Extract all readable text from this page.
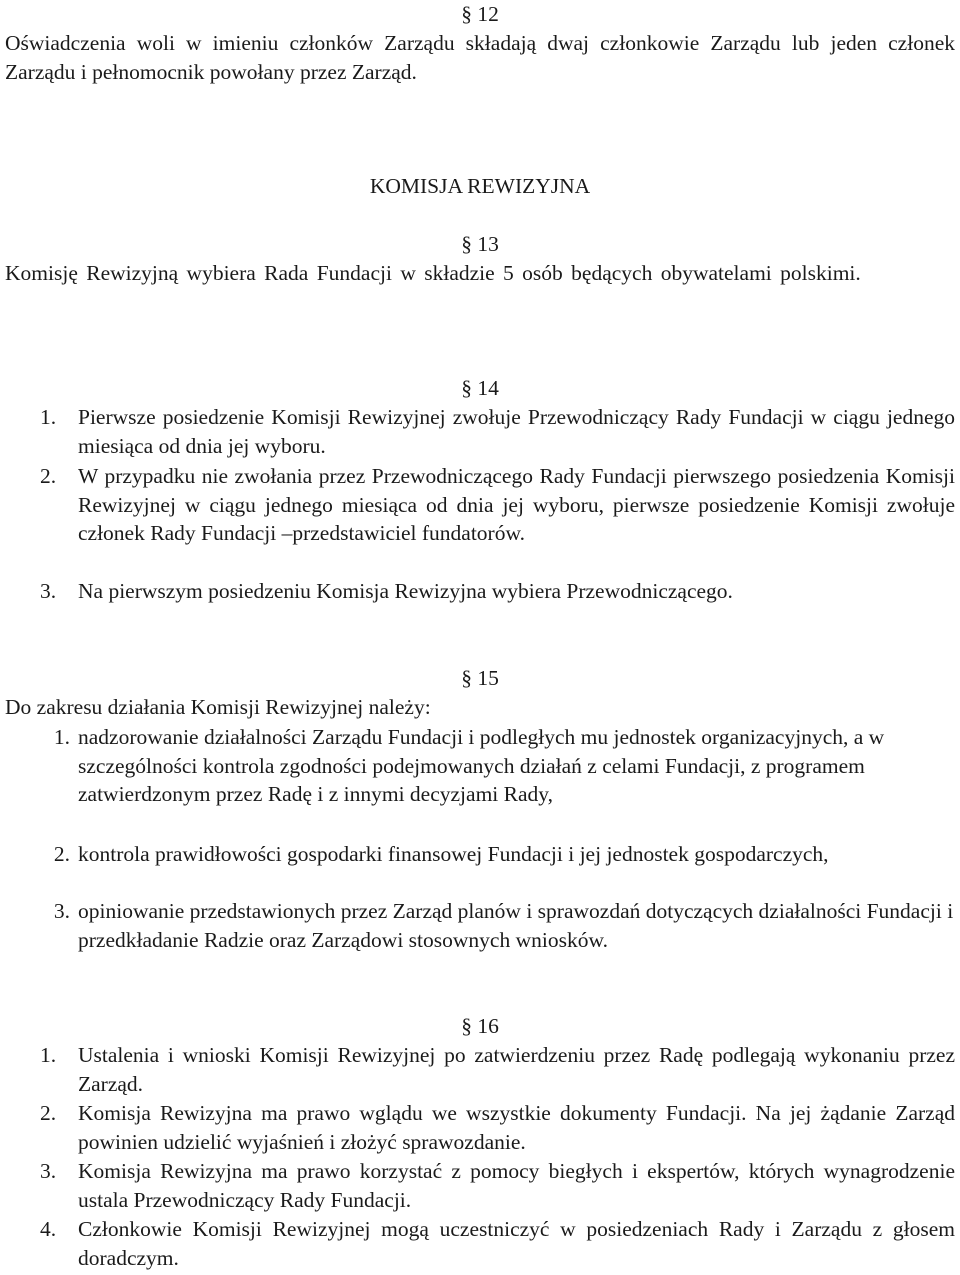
§ 12
Oświadczenia woli w imieniu członków Zarządu składają dwaj członkowie Zarządu lub jeden członek Zarządu i pełnomocnik powołany przez Zarząd.
KOMISJA REWIZYJNA
§ 13
Komisję Rewizyjną wybiera Rada Fundacji w składzie 5 osób będących obywatelami polskimi.
§ 14
1.	Pierwsze posiedzenie Komisji Rewizyjnej zwołuje Przewodniczący Rady Fundacji w ciągu jednego miesiąca od dnia jej wyboru.
2.	W przypadku nie zwołania przez Przewodniczącego Rady Fundacji pierwszego posiedzenia Komisji Rewizyjnej w ciągu jednego miesiąca od dnia jej wyboru, pierwsze posiedzenie Komisji zwołuje członek Rady Fundacji –przedstawiciel fundatorów.
3.	Na pierwszym posiedzeniu Komisja Rewizyjna wybiera Przewodniczącego.
§ 15
Do zakresu działania Komisji Rewizyjnej należy:
1. nadzorowanie działalności Zarządu Fundacji i podległych mu jednostek organizacyjnych, a w szczególności kontrola zgodności podejmowanych działań z celami Fundacji, z programem zatwierdzonym przez Radę i z innymi decyzjami Rady,
2. kontrola prawidłowości gospodarki finansowej Fundacji i jej jednostek gospodarczych,
3. opiniowanie przedstawionych przez Zarząd planów i sprawozdań dotyczących działalności Fundacji i przedkładanie Radzie oraz Zarządowi stosownych wniosków.
§ 16
1.	Ustalenia i wnioski Komisji Rewizyjnej po zatwierdzeniu przez Radę podlegają wykonaniu przez Zarząd.
2.	Komisja Rewizyjna ma prawo wglądu we wszystkie dokumenty Fundacji. Na jej żądanie Zarząd powinien udzielić wyjaśnień i złożyć sprawozdanie.
3.	Komisja Rewizyjna ma prawo korzystać z pomocy biegłych i ekspertów, których wynagrodzenie ustala Przewodniczący Rady Fundacji.
4.	Członkowie Komisji Rewizyjnej mogą uczestniczyć w posiedzeniach Rady i Zarządu z głosem doradczym.
